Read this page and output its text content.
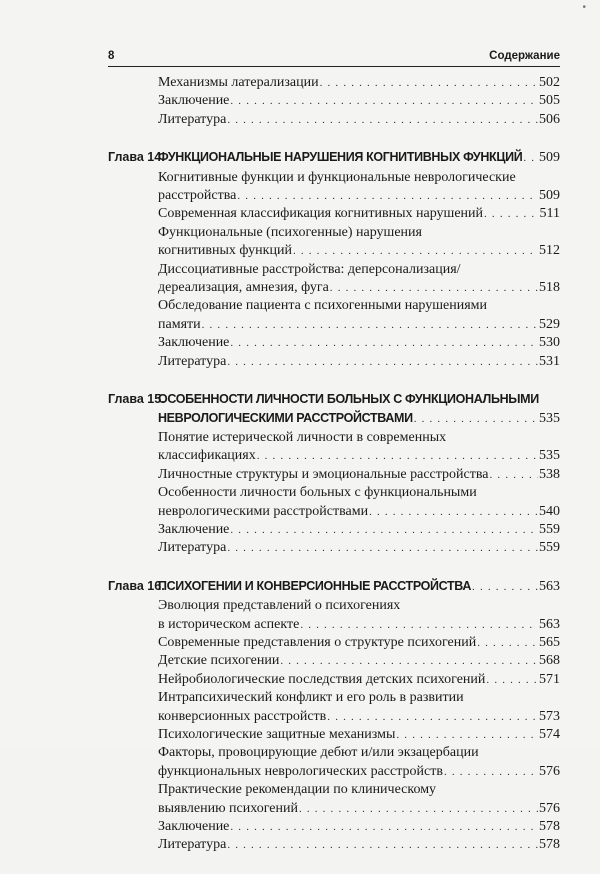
•
8	Содержание
Механизмы латерализации . . .	502
Заключение . . .	505
Литература . . .	506
Глава 14.
ФУНКЦИОНАЛЬНЫЕ НАРУШЕНИЯ КОГНИТИВНЫХ ФУНКЦИЙ . . . 509
Когнитивные функции и функциональные неврологические
расстройства . . .	509
Современная классификация когнитивных нарушений . . .	511
Функциональные (психогенные) нарушения
когнитивных функций . . .	512
Диссоциативные расстройства: деперсонализация/
дереализация, амнезия, фуга . . .	518
Обследование пациента с психогенными нарушениями
памяти . . .	529
Заключение . . .	530
Литература . . .	531
Глава 15.
ОСОБЕННОСТИ ЛИЧНОСТИ БОЛЬНЫХ С ФУНКЦИОНАЛЬНЫМИ
НЕВРОЛОГИЧЕСКИМИ РАССТРОЙСТВАМИ . . .	535
Понятие истерической личности в современных
классификациях . . .	535
Личностные структуры и эмоциональные расстройства . . .	538
Особенности личности больных с функциональными
неврологическими расстройствами . . .	540
Заключение . . .	559
Литература . . .	559
Глава 16.
ПСИХОГЕНИИ И КОНВЕРСИОННЫЕ РАССТРОЙСТВА . . .	563
Эволюция представлений о психогениях
в историческом аспекте . . .	563
Современные представления о структуре психогений . . .	565
Детские психогении . . .	568
Нейробиологические последствия детских психогений . . .	571
Интрапсихический конфликт и его роль в развитии
конверсионных расстройств . . .	573
Психологические защитные механизмы . . .	574
Факторы, провоцирующие дебют и/или экзацербации
функциональных неврологических расстройств . . .	576
Практические рекомендации по клиническому
выявлению психогений . . .	576
Заключение . . .	578
Литература . . .	578
